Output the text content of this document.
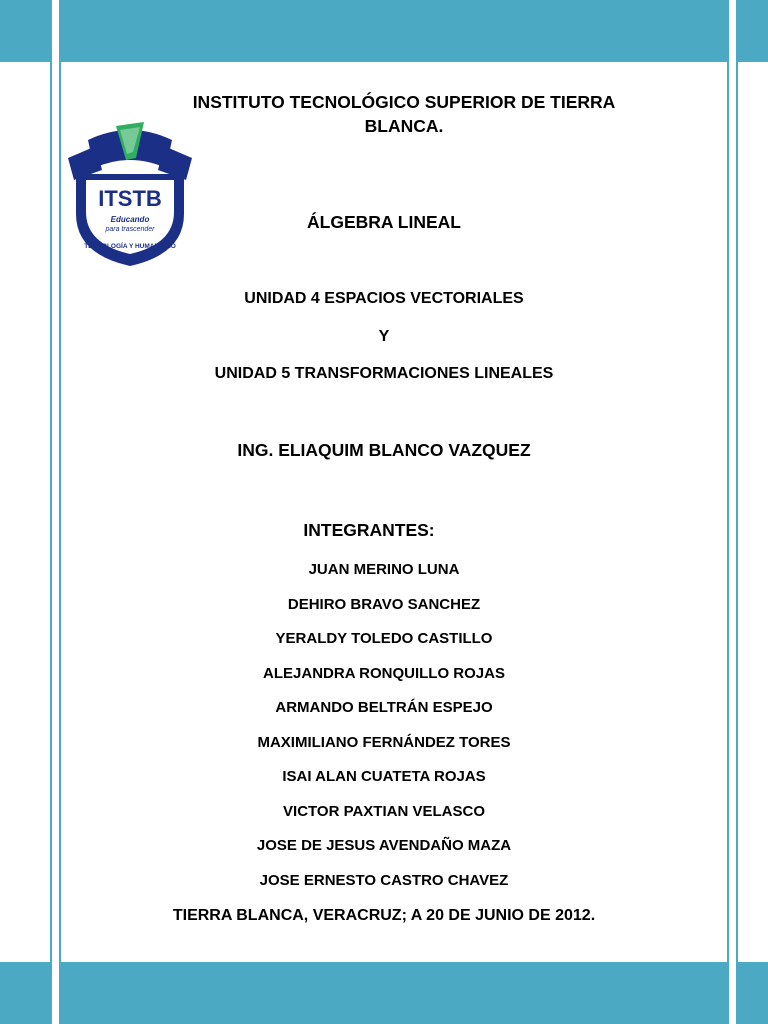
INSTITUTO TECNOLÓGICO SUPERIOR DE TIERRA
BLANCA.
ITSTB
Educando
para trascender
TECNOLOGÍA Y HUMANISMO
ÁLGEBRA LINEAL
UNIDAD 4 ESPACIOS VECTORIALES
Y
UNIDAD 5 TRANSFORMACIONES LINEALES
ING. ELIAQUIM BLANCO VAZQUEZ
INTEGRANTES:
JUAN MERINO LUNA
DEHIRO BRAVO SANCHEZ
YERALDY TOLEDO CASTILLO
ALEJANDRA RONQUILLO ROJAS
ARMANDO BELTRÁN ESPEJO
MAXIMILIANO FERNÁNDEZ TORES
ISAI ALAN CUATETA ROJAS
VICTOR PAXTIAN VELASCO
JOSE DE JESUS AVENDAÑO MAZA
JOSE ERNESTO CASTRO CHAVEZ
TIERRA BLANCA, VERACRUZ; A 20 DE JUNIO DE 2012.
